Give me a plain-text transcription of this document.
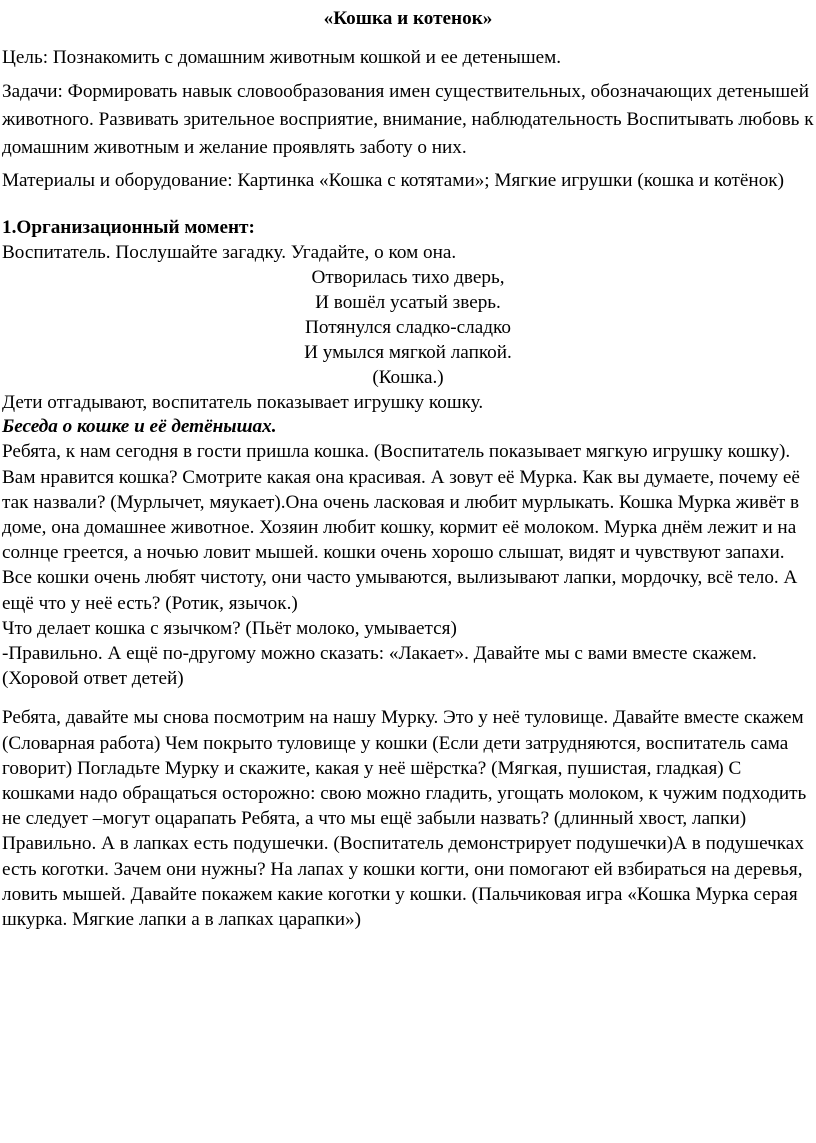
«Кошка и котенок»

Цель: Познакомить с домашним животным кошкой и ее детенышем.

Задачи: Формировать навык словообразования имен существительных, обозначающих детенышей животного. Развивать зрительное восприятие, внимание, наблюдательность Воспитывать любовь к домашним животным и желание проявлять заботу о них.

Материалы и оборудование: Картинка «Кошка с котятами»; Мягкие игрушки (кошка и котёнок)

1.Организационный момент:

Воспитатель. Послушайте загадку. Угадайте, о ком она.

Отворилась тихо дверь,
И вошёл усатый зверь.
Потянулся сладко-сладко
И умылся мягкой лапкой.
(Кошка.)

Дети отгадывают, воспитатель показывает игрушку кошку.

Беседа о кошке и её детёнышах.

Ребята, к нам сегодня в гости пришла кошка. (Воспитатель показывает мягкую игрушку кошку). Вам нравится кошка? Смотрите какая она красивая. А зовут её Мурка. Как вы думаете, почему её так назвали? (Мурлычет, мяукает).Она очень ласковая и любит мурлыкать. Кошка Мурка живёт в доме, она домашнее животное. Хозяин любит кошку, кормит её молоком. Мурка днём лежит и на солнце греется, а ночью ловит мышей. кошки очень хорошо слышат, видят и чувствуют запахи. Все кошки очень любят чистоту, они часто умываются, вылизывают лапки, мордочку, всё тело. А ещё что у неё есть? (Ротик, язычок.)

Что делает кошка с язычком? (Пьёт молоко, умывается)

-Правильно. А ещё по-другому можно сказать: «Лакает». Давайте мы с вами вместе скажем. (Хоровой ответ детей)

Ребята, давайте мы снова посмотрим на нашу Мурку. Это у неё туловище. Давайте вместе скажем (Словарная работа) Чем покрыто туловище у кошки (Если дети затрудняются, воспитатель сама говорит) Погладьте Мурку и скажите, какая у неё шёрстка? (Мягкая, пушистая, гладкая) С кошками надо обращаться осторожно: свою можно гладить, угощать молоком, к чужим подходить не следует –могут оцарапать Ребята, а что мы ещё забыли назвать? (длинный хвост, лапки) Правильно. А в лапках есть подушечки. (Воспитатель демонстрирует подушечки)А в подушечках есть коготки. Зачем они нужны? На лапах у кошки когти, они помогают ей взбираться на деревья, ловить мышей. Давайте покажем какие коготки у кошки. (Пальчиковая игра «Кошка Мурка серая шкурка. Мягкие лапки а в лапках царапки»)
